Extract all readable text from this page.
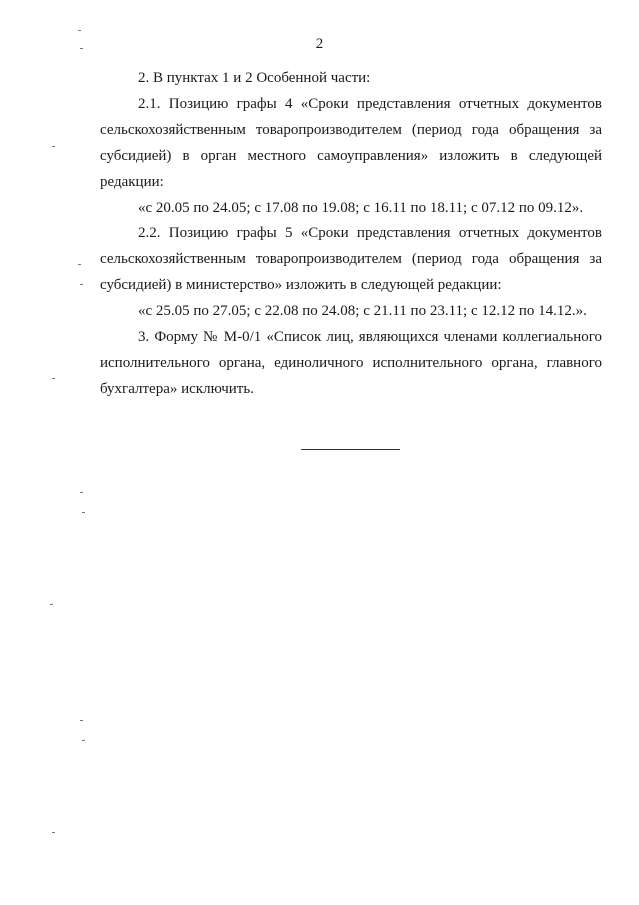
2

2. В пунктах 1 и 2 Особенной части:

2.1. Позицию графы 4 «Сроки представления отчетных документов сельскохозяйственным товаропроизводителем (период года обращения за субсидией) в орган местного самоуправления» изложить в следующей редакции:

«с 20.05 по 24.05; с 17.08 по 19.08; с 16.11 по 18.11; с 07.12 по 09.12».

2.2. Позицию графы 5 «Сроки представления отчетных документов сельскохозяйственным товаропроизводителем (период года обращения за субсидией) в министерство» изложить в следующей редакции:

«с 25.05 по 27.05; с 22.08 по 24.08; с 21.11 по 23.11; с 12.12 по 14.12.».

3. Форму № М-0/1 «Список лиц, являющихся членами коллегиального исполнительного органа, единоличного исполнительного органа, главного бухгалтера» исключить.
